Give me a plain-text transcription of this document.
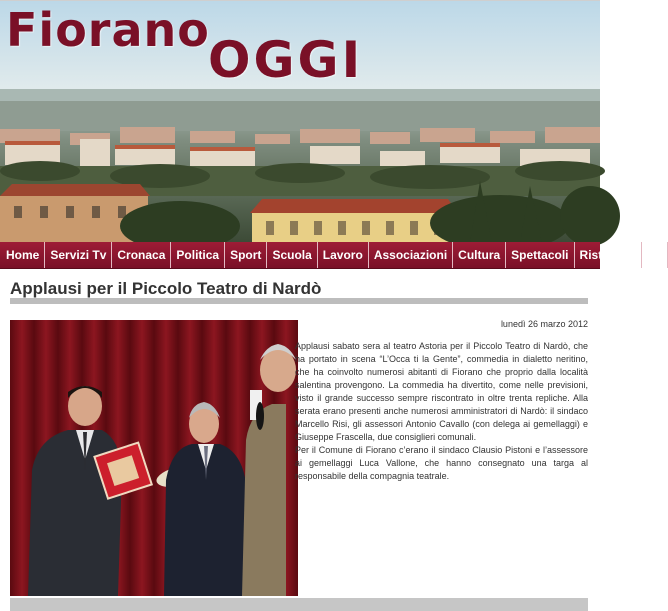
Fiorano
OGGI
Home Servizi Tv Cronaca Politica Sport Scuola Lavoro Associazioni Cultura Spettacoli Ristoranti Ne
Applausi per il Piccolo Teatro di Nardò
lunedì 26 marzo 2012

Applausi sabato sera al teatro Astoria per il Piccolo Teatro di Nardò, che ha portato in scena “L’Occa ti la Gente”, commedia in dialetto neritino, che ha coinvolto numerosi abitanti di Fiorano che proprio dalla località salentina provengono. La commedia ha divertito, come nelle previsioni, visto il grande successo sempre riscontrato in oltre trenta repliche. Alla serata erano presenti anche numerosi amministratori di Nardò: il sindaco Marcello Risi, gli assessori Antonio Cavallo (con delega ai gemellaggi) e Giuseppe Frascella, due consiglieri comunali.

Per il Comune di Fiorano c’erano il sindaco Clausio Pistoni e l’assessore ai gemellaggi Luca Vallone, che hanno consegnato una targa al responsabile della compagnia teatrale.
